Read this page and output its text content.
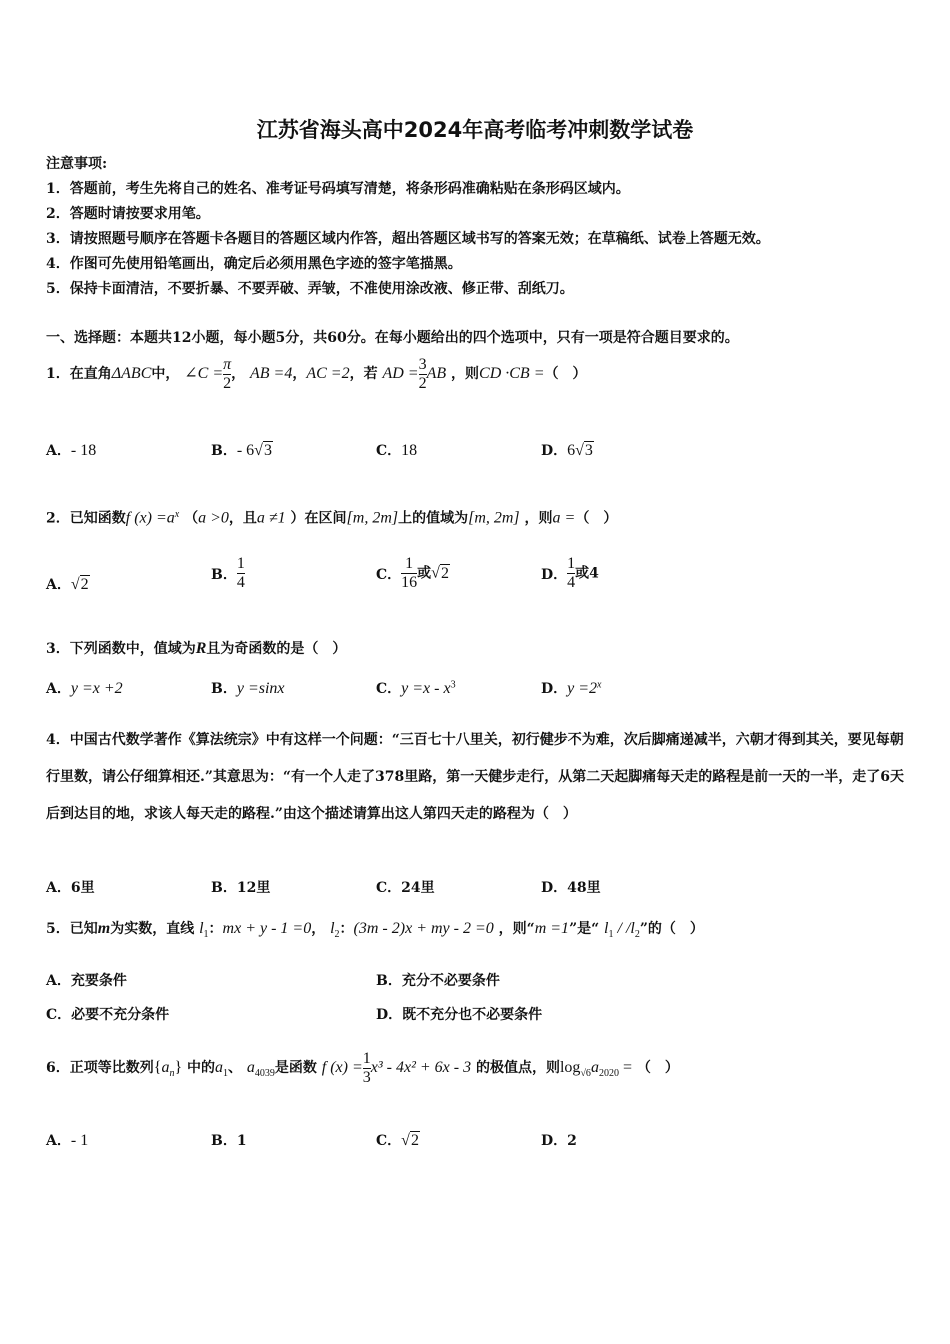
江苏省海头高中2024年高考临考冲刺数学试卷
注意事项:
1．答题前，考生先将自己的姓名、准考证号码填写清楚，将条形码准确粘贴在条形码区域内。
2．答题时请按要求用笔。
3．请按照题号顺序在答题卡各题目的答题区域内作答，超出答题区域书写的答案无效；在草稿纸、试卷上答题无效。
4．作图可先使用铅笔画出，确定后必须用黑色字迹的签字笔描黑。
5．保持卡面清洁，不要折暴、不要弄破、弄皱，不准使用涂改液、修正带、刮纸刀。
一、选择题：本题共12小题，每小题5分，共60分。在每小题给出的四个选项中，只有一项是符合题目要求的。
1．在直角ΔABC中， ∠C = $\frac{\pi}{2}$ ， AB =4，AC =2，若 AD = $\frac{3}{2}$ AB ，则CD ·CB =（　）
A．- 18	B．- 6√3	C．18	D．6√3
2．已知函数f $(x) =a^x$ （a >0，且a ≠1 ）在区间[m, 2m]上的值域为[m, 2m] ，则a =（　）
A．√2
B． $\frac{1}{4}$	C． $\frac{1}{16}$ 或√2	D． $\frac{1}{4}$ 或4
3．下列函数中，值域为R且为奇函数的是（　）
A．y =x +2	B．y =sinx	C．$y =x - x^3$	D．$y =2^x$
4．中国古代数学著作《算法统宗》中有这样一个问题：“三百七十八里关，初行健步不为难，次后脚痛递减半，六朝才得到其关，要见每朝行里数，请公仔细算相还.”其意思为：“有一个人走了378里路，第一天健步走行，从第二天起脚痛每天走的路程是前一天的一半，走了6天后到达目的地，求该人每天走的路程.”由这个描述请算出这人第四天走的路程为（　）
A．6里	B．12里	C．24里	D．48里
5．已知m为实数，直线 $l_1$：mx + y - 1 =0， $l_2$：(3m - 2)x + my - 2 =0 ，则“m =1”是“ $l_1 / /l_2$”的（　）
A．充要条件	B．充分不必要条件
C．必要不充分条件	D．既不充分也不必要条件
6．正项等比数列$\{a_n\}$ 中的$a_1$、 $a_{4039}$是函数 f $(x) = \frac{1}{3} x^3 - 4x^2 + 6x - 3$ 的极值点，则$\log_{√6}a_{2020}$ = （　）
A．- 1	B．1	C．√2	D．2
